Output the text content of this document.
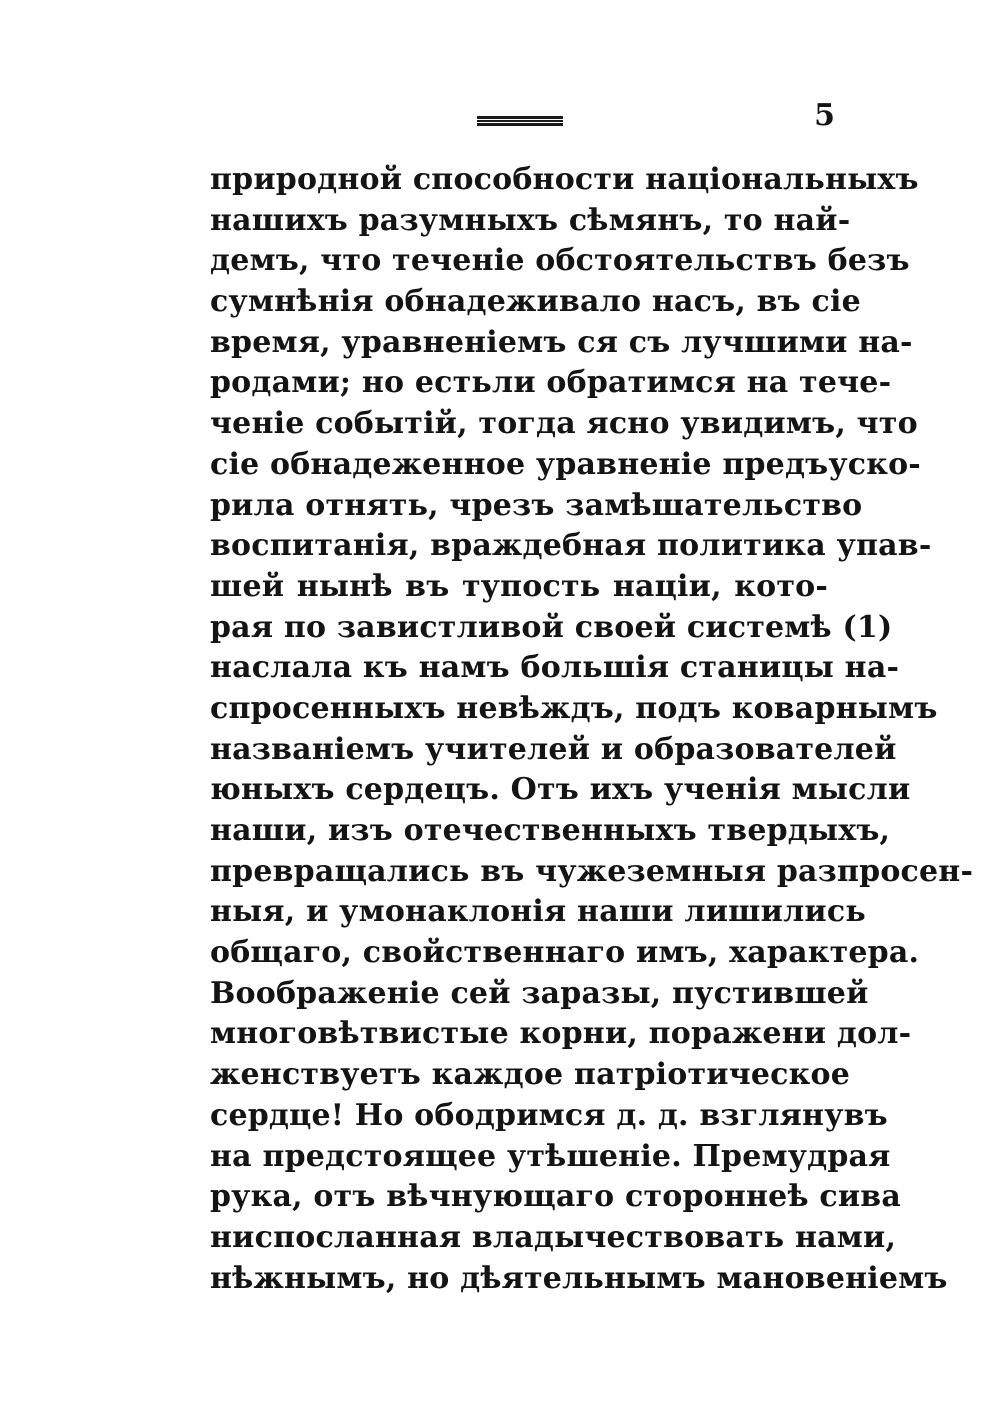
5
природной способности національныхъ
нашихъ разумныхъ сѣмянъ, то най-
демъ, что теченіе обстоятельствъ безъ
сумнѣнія обнадеживало насъ, въ сіе
время, уравненіемъ ся съ лучшими на-
родами; но естьли обратимся на тече-
ченіе событій, тогда ясно увидимъ, что
сіе обнадеженное уравненіе предъуско-
рила отнять, чрезъ замѣшательство
воспитанія, враждебная политика упав-
шей нынѣ въ тупость націи, кото-
рая по завистливой своей системѣ (1)
наслала къ намъ большія станицы на-
спросенныхъ невѣждъ, подъ коварнымъ
названіемъ учителей и образователей
юныхъ сердецъ. Отъ ихъ ученія мысли
наши, изъ отечественныхъ твердыхъ,
превращались въ чужеземныя разпросен-
ныя, и умонаклонія наши лишились
общаго, свойственнаго имъ, характера.
Воображеніе сей заразы, пустившей
многовѣтвистые корни, поражени дол-
женствуетъ каждое патріотическое
сердце! Но ободримся д. д. взглянувъ
на предстоящее утѣшеніе. Премудрая
рука, отъ вѣчнующаго стороннеѣ сива
ниспосланная владычествовать нами,
нѣжнымъ, но дѣятельнымъ мановеніемъ
